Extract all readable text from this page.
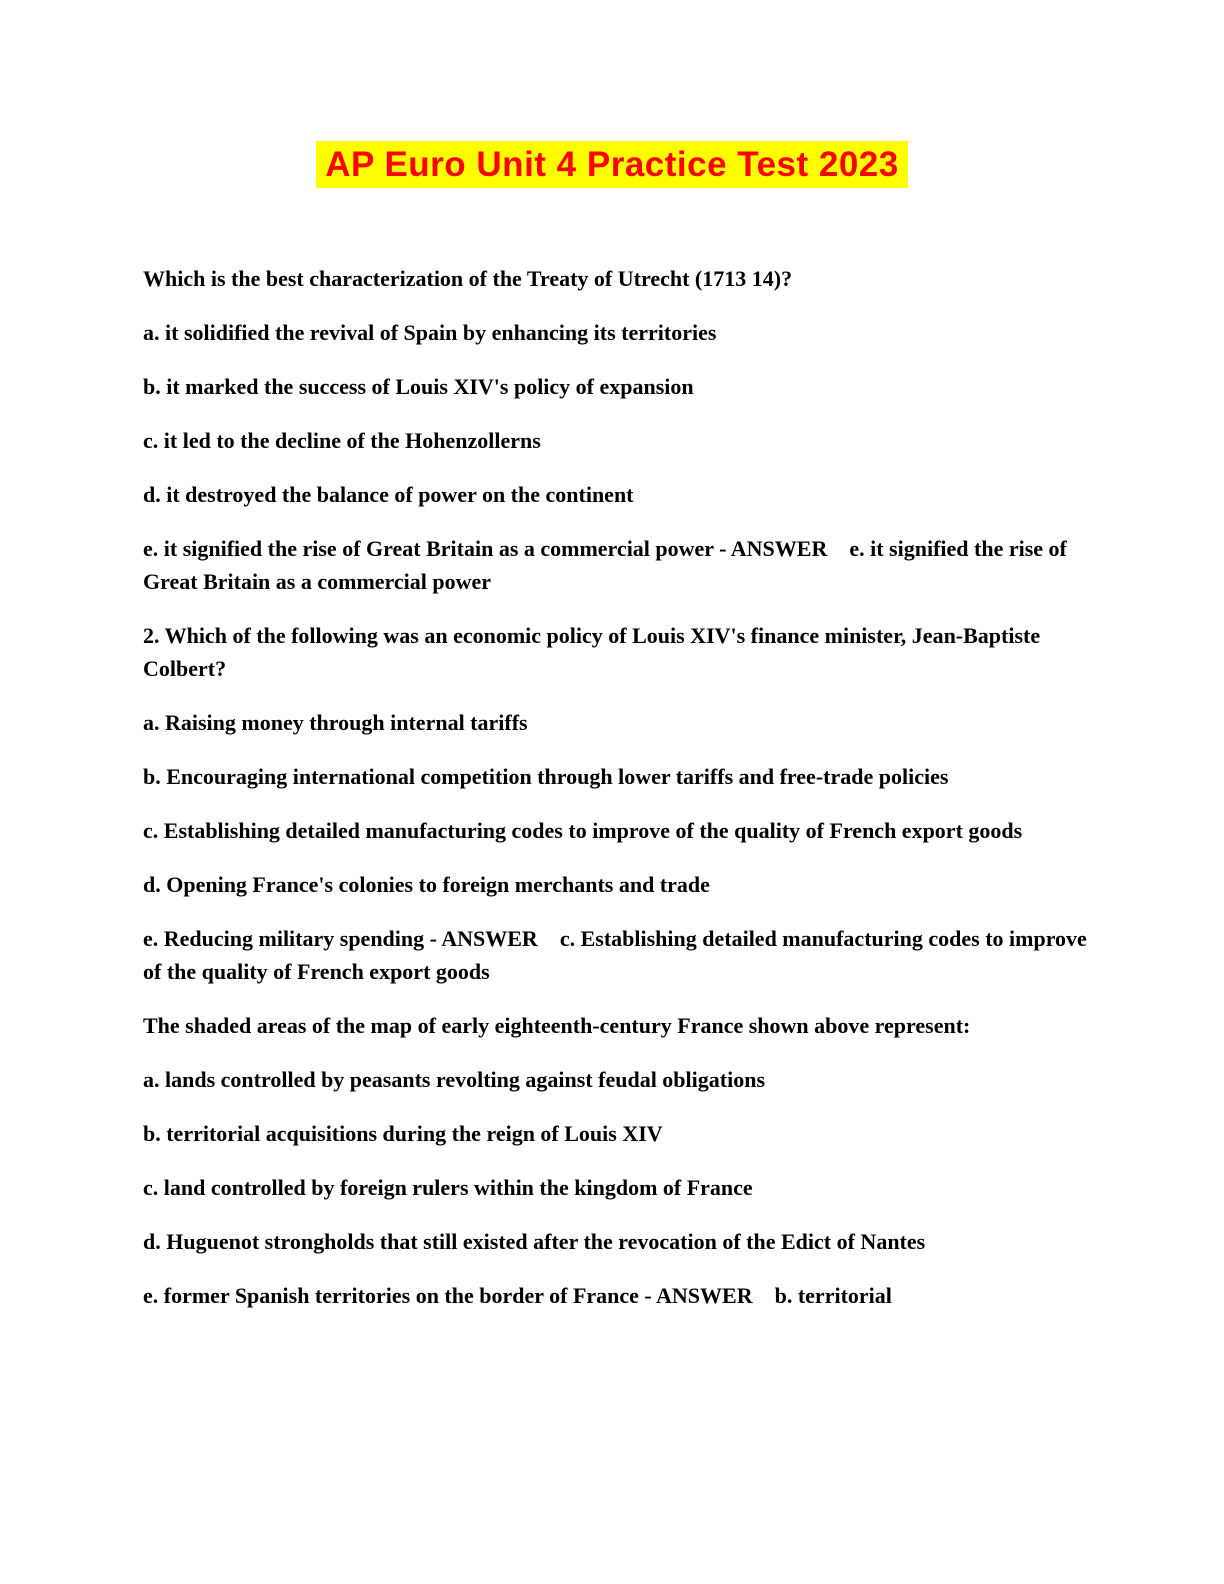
AP Euro Unit 4 Practice Test 2023

Which is the best characterization of the Treaty of Utrecht (1713 14)?

a. it solidified the revival of Spain by enhancing its territories

b. it marked the success of Louis XIV's policy of expansion

c. it led to the decline of the Hohenzollerns

d. it destroyed the balance of power on the continent

e. it signified the rise of Great Britain as a commercial power - ANSWER    e. it signified the rise of Great Britain as a commercial power

2. Which of the following was an economic policy of Louis XIV's finance minister, Jean-Baptiste Colbert?

a. Raising money through internal tariffs

b. Encouraging international competition through lower tariffs and free-trade policies

c. Establishing detailed manufacturing codes to improve of the quality of French export goods

d. Opening France's colonies to foreign merchants and trade

e. Reducing military spending - ANSWER    c. Establishing detailed manufacturing codes to improve of the quality of French export goods

The shaded areas of the map of early eighteenth-century France shown above represent:

a. lands controlled by peasants revolting against feudal obligations

b. territorial acquisitions during the reign of Louis XIV

c. land controlled by foreign rulers within the kingdom of France

d. Huguenot strongholds that still existed after the revocation of the Edict of Nantes

e. former Spanish territories on the border of France - ANSWER    b. territorial
